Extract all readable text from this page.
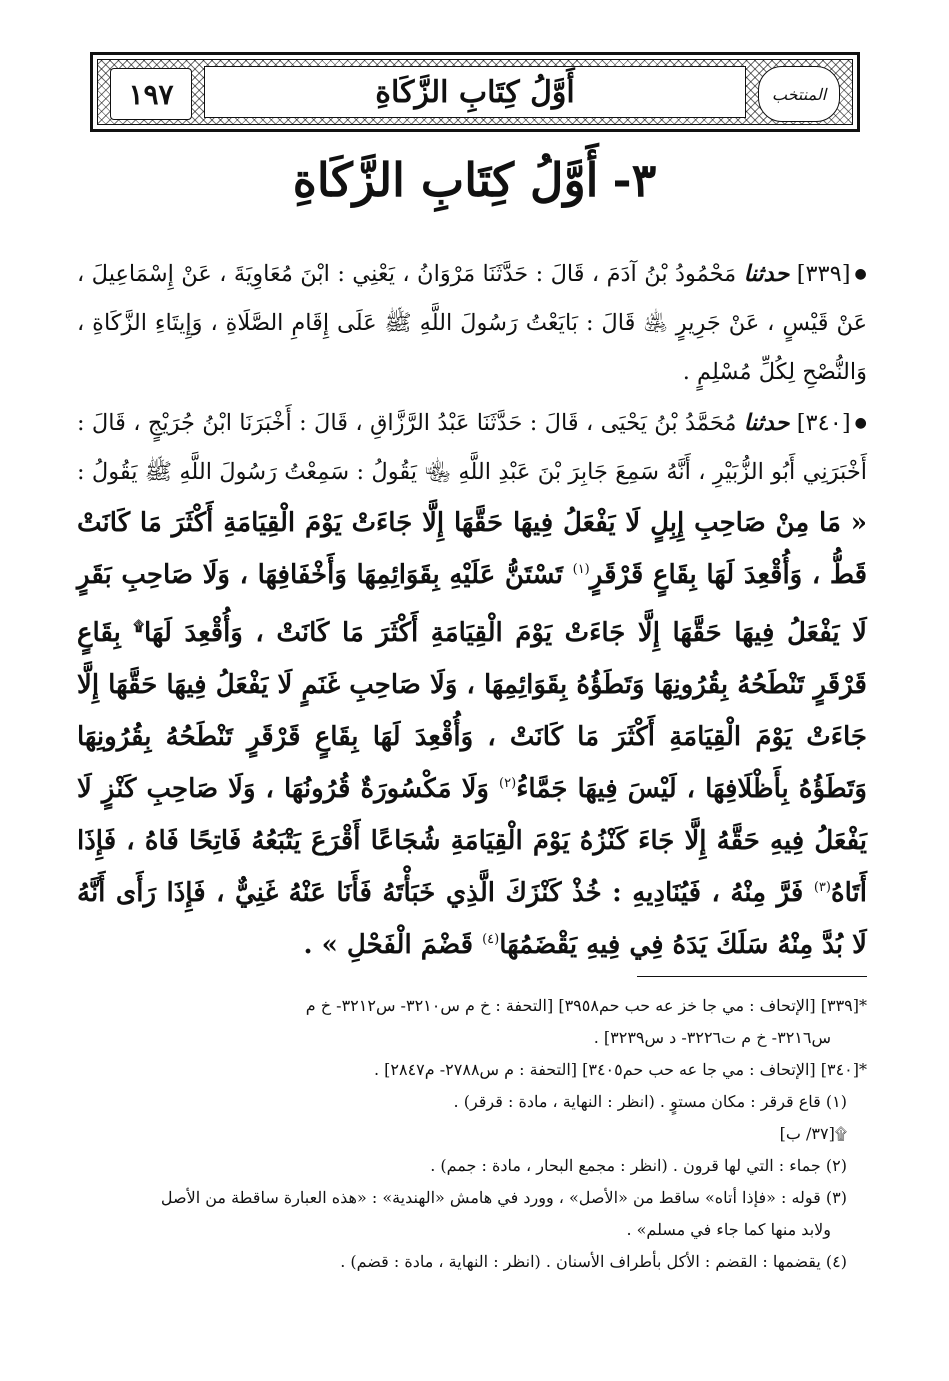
المنتخب
أَوَّلُ كِتَابِ الزَّكَاةِ
١٩٧
٣-أَوَّلُ كِتَابِ الزَّكَاةِ

●[٣٣٩] حدثنا مَحْمُودُ بْنُ آدَمَ ، قَالَ : حَدَّثَنَا مَرْوَانُ ، يَعْنِي : ابْنَ مُعَاوِيَةَ ، عَنْ إِسْمَاعِيلَ ، عَنْ قَيْسٍ ، عَنْ جَرِيرٍ ﵁ قَالَ : بَايَعْتُ رَسُولَ اللَّهِ ﷺ عَلَى إِقَامِ الصَّلَاةِ ، وَإِيتَاءِ الزَّكَاةِ ، وَالنُّصْحِ لِكُلِّ مُسْلِمٍ .

●[٣٤٠] حدثنا مُحَمَّدُ بْنُ يَحْيَى ، قَالَ : حَدَّثَنَا عَبْدُ الرَّزَّاقِ ، قَالَ : أَخْبَرَنَا ابْنُ جُرَيْجٍ ، قَالَ : أَخْبَرَنِي أَبُو الزُّبَيْرِ ، أَنَّهُ سَمِعَ جَابِرَ بْنَ عَبْدِ اللَّهِ ﵄ يَقُولُ : سَمِعْتُ رَسُولَ اللَّهِ ﷺ يَقُولُ : « مَا مِنْ صَاحِبِ إِبِلٍ لَا يَفْعَلُ فِيهَا حَقَّهَا إِلَّا جَاءَتْ يَوْمَ الْقِيَامَةِ أَكْثَرَ مَا كَانَتْ قَطُّ ، وَأُقْعِدَ لَهَا بِقَاعٍ قَرْقَرٍ$^{(١)}$ تَسْتَنُّ عَلَيْهِ بِقَوَائِمِهَا وَأَخْفَافِهَا ، وَلَا صَاحِبِ بَقَرٍ لَا يَفْعَلُ فِيهَا حَقَّهَا إِلَّا جَاءَتْ يَوْمَ الْقِيَامَةِ أَكْثَرَ مَا كَانَتْ ، وَأُقْعِدَ لَهَا۩ بِقَاعٍ قَرْقَرٍ تَنْطَحُهُ بِقُرُونِهَا وَتَطَؤُهُ بِقَوَائِمِهَا ، وَلَا صَاحِبِ غَنَمٍ لَا يَفْعَلُ فِيهَا حَقَّهَا إِلَّا جَاءَتْ يَوْمَ الْقِيَامَةِ أَكْثَرَ مَا كَانَتْ ، وَأُقْعِدَ لَهَا بِقَاعٍ قَرْقَرٍ تَنْطَحُهُ بِقُرُونِهَا وَتَطَؤُهُ بِأَظْلَافِهَا ، لَيْسَ فِيهَا جَمَّاءُ$^{(٢)}$ وَلَا مَكْسُورَةٌ قُرُونُهَا ، وَلَا صَاحِبِ كَنْزٍ لَا يَفْعَلُ فِيهِ حَقَّهُ إِلَّا جَاءَ كَنْزُهُ يَوْمَ الْقِيَامَةِ شُجَاعًا أَقْرَعَ يَتْبَعُهُ فَاتِحًا فَاهُ ، فَإِذَا أَتَاهُ$^{(٣)}$ فَرَّ مِنْهُ ، فَيُنَادِيهِ : خُذْ كَنْزَكَ الَّذِي خَبَأْتَهُ فَأَنَا عَنْهُ غَنِيٌّ ، فَإِذَا رَأَى أَنَّهُ لَا بُدَّ مِنْهُ سَلَكَ يَدَهُ فِي فِيهِ يَقْضَمُهَا$^{(٤)}$ قَضْمَ الْفَحْلِ » .

*[٣٣٩] [الإتحاف : مي جا خز عه حب حم٣٩٥٨] [التحفة : خ م س٣٢١٠- س٣٢١٢- خ م

س٣٢١٦- خ م ت٣٢٢٦- د س٣٢٣٩] .

*[٣٤٠] [الإتحاف : مي جا عه حب حم٣٤٠٥] [التحفة : م س٢٧٨٨- م٢٨٤٧] .

(١) قاع قرقر : مكان مستوٍ . (انظر : النهاية ، مادة : قرقر) .

۩[٣٧/ ب]

(٢) جماء : التي لها قرون . (انظر : مجمع البحار ، مادة : جمم) .

(٣) قوله : «فإذا أتاه» ساقط من «الأصل» ، وورد في هامش «الهندية» : «هذه العبارة ساقطة من الأصل

ولابد منها كما جاء في مسلم» .

(٤) يقضمها : القضم : الأكل بأطراف الأسنان . (انظر : النهاية ، مادة : قضم) .
